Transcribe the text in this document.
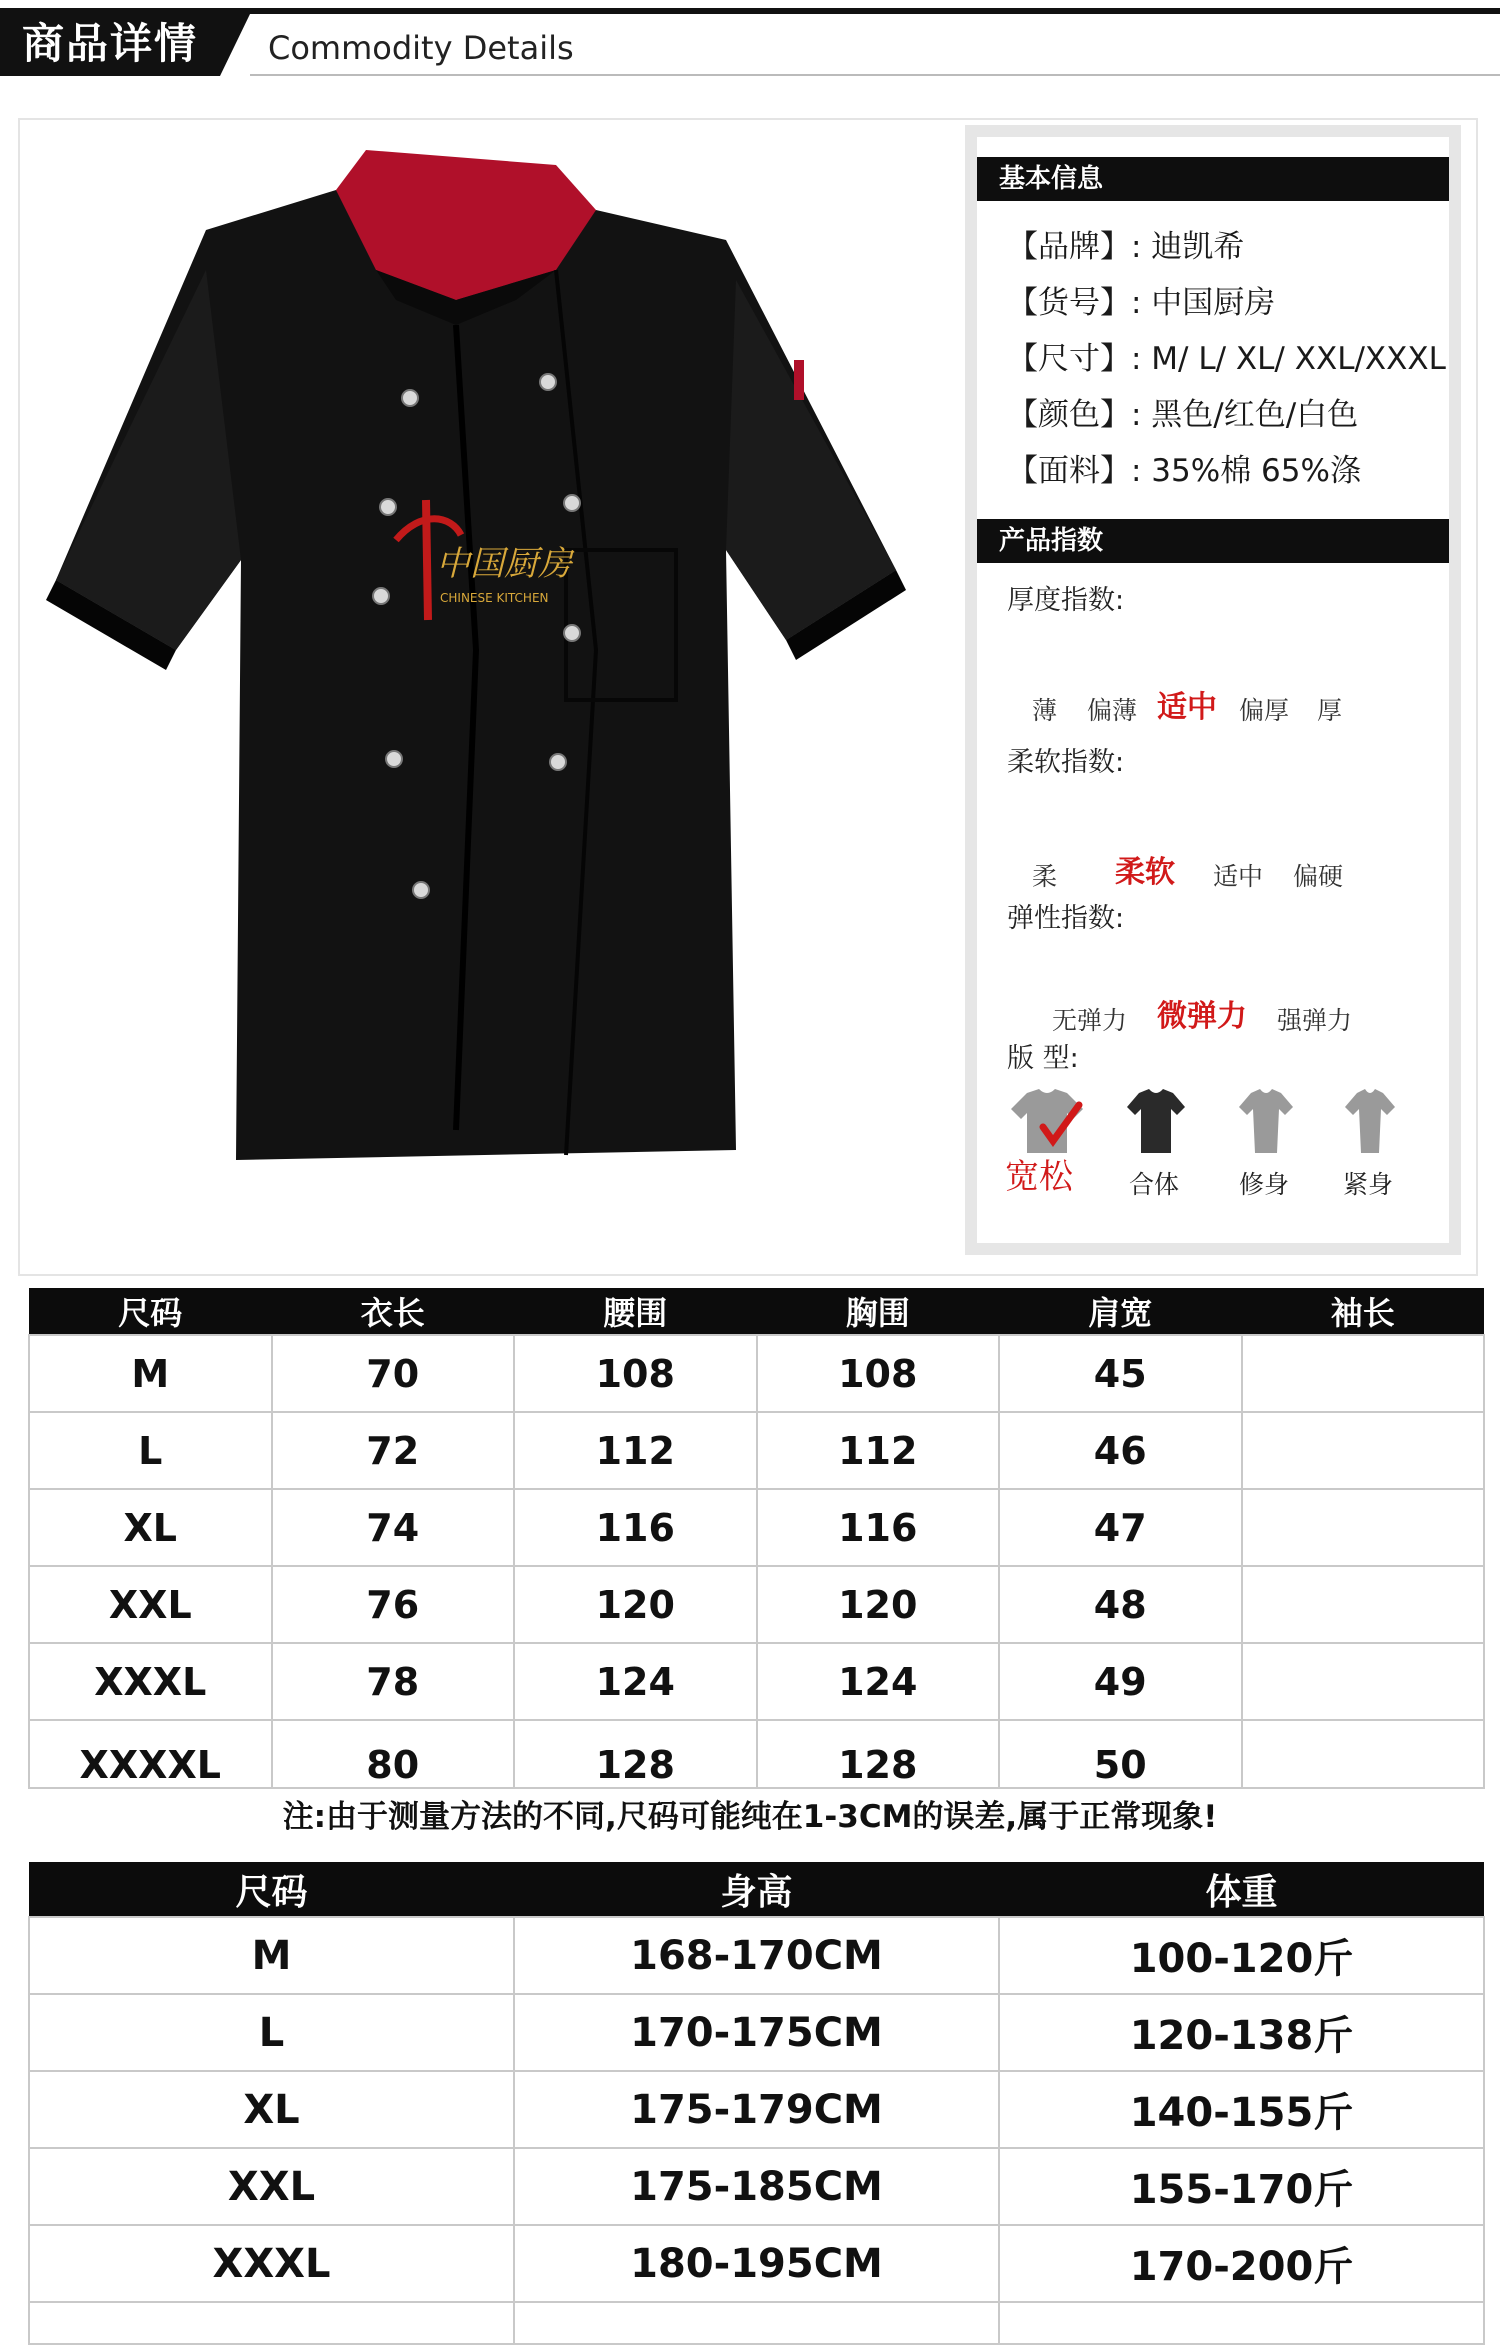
商品详情 Commodity Details
中国厨房
CHINESE KITCHEN
基本信息
【品牌】: 迪凯希
【货号】: 中国厨房
【尺寸】: M/ L/ XL/ XXL/XXXL
【颜色】: 黑色/红色/白色
【面料】: 35%棉 65%涤
产品指数
厚度指数:
薄 偏薄 适中 偏厚 厚
柔软指数:
柔 柔软 适中 偏硬
弹性指数:
无弹力 微弹力 强弹力
版 型:
宽松 合体 修身 紧身
尺码	衣长	腰围	胸围	肩宽	袖长
M	70	108	108	45	
L	72	112	112	46	
XL	74	116	116	47	
XXL	76	120	120	48	
XXXL	78	124	124	49	
XXXXL	80	128	128	50	
注:由于测量方法的不同,尺码可能纯在1-3CM的误差,属于正常现象!
尺码	身高	体重
M	168-170CM	100-120斤
L	170-175CM	120-138斤
XL	175-179CM	140-155斤
XXL	175-185CM	155-170斤
XXXL	180-195CM	170-200斤
